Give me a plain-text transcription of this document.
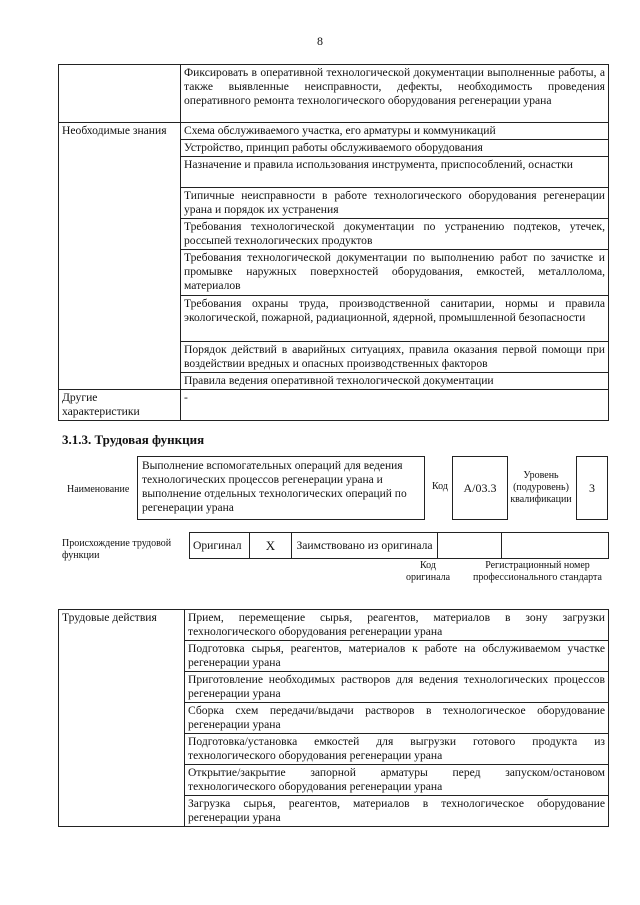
8
	Фиксировать в оперативной технологической документации выполненные работы, а также выявленные неисправности, дефекты, необходимость проведения оперативного ремонта технологического оборудования регенерации урана
Необходимые знания	Схема обслуживаемого участка, его арматуры и коммуникаций
	Устройство, принцип работы обслуживаемого оборудования
	Назначение и правила использования инструмента, приспособлений, оснастки
	Типичные неисправности в работе технологического оборудования регенерации урана и порядок их устранения
	Требования технологической документации по устранению подтеков, утечек, россыпей технологических продуктов
	Требования технологической документации по выполнению работ по зачистке и промывке наружных поверхностей оборудования, емкостей, металлолома, материалов
	Требования охраны труда, производственной санитарии, нормы и правила экологической, пожарной, радиационной, ядерной, промышленной безопасности
	Порядок действий в аварийных ситуациях, правила оказания первой помощи при воздействии вредных и опасных производственных факторов
	Правила ведения оперативной технологической документации
Другие характеристики	-
3.1.3. Трудовая функция
Наименование
Выполнение вспомогательных операций для ведения технологических процессов регенерации урана и выполнение отдельных технологических операций по регенерации урана
Код	A/03.3
Уровень (подуровень) квалификации
3
Происхождение трудовой функции
Оригинал	X	Заимствовано из оригинала		
Код оригинала
Регистрационный номер профессионального стандарта
Трудовые действия	Прием, перемещение сырья, реагентов, материалов в зону загрузки технологического оборудования регенерации урана
Подготовка сырья, реагентов, материалов к работе на обслуживаемом участке регенерации урана
Приготовление необходимых растворов для ведения технологических процессов регенерации урана
Сборка схем передачи/выдачи растворов в технологическое оборудование регенерации урана
Подготовка/установка емкостей для выгрузки готового продукта из технологического оборудования регенерации урана
Открытие/закрытие запорной арматуры перед запуском/остановом технологического оборудования регенерации урана
Загрузка сырья, реагентов, материалов в технологическое оборудование регенерации урана
